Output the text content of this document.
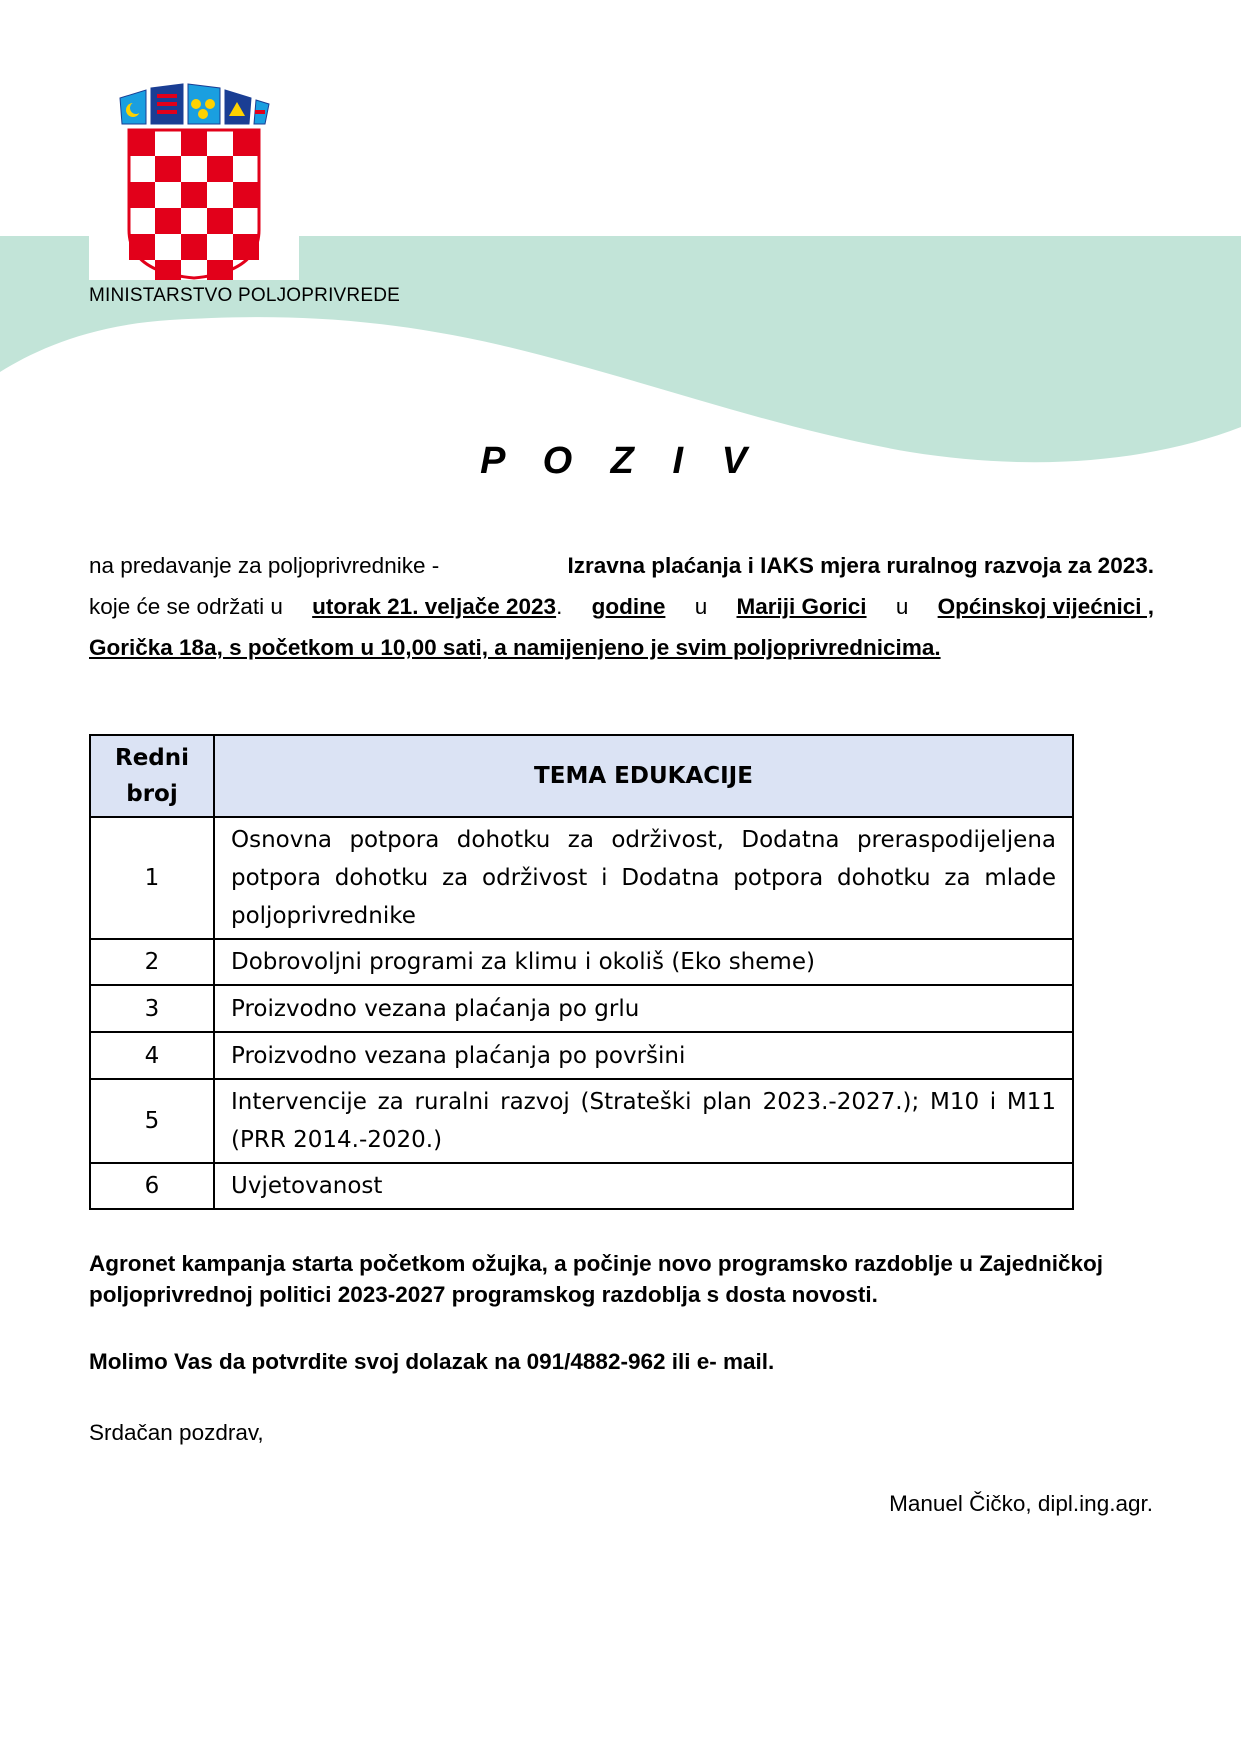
MINISTARSTVO POLJOPRIVREDE
P O Z I V
na predavanje za poljoprivrednike -	Izravna plaćanja i IAKS mjera ruralnog razvoja za 2023.
koje će se održati u utorak 21. veljače 2023. godine u Mariji Gorici u Općinskoj vijećnici ,
Gorička 18a, s početkom u 10,00 sati, a namijenjeno je svim poljoprivrednicima.
Redni broj	TEMA EDUKACIJE
1	Osnovna potpora dohotku za održivost, Dodatna preraspodijeljena potpora dohotku za održivost i Dodatna potpora dohotku za mlade poljoprivrednike
2	Dobrovoljni programi za klimu i okoliš (Eko sheme)
3	Proizvodno vezana plaćanja po grlu
4	Proizvodno vezana plaćanja po površini
5	Intervencije za ruralni razvoj (Strateški plan 2023.-2027.); M10 i M11 (PRR 2014.-2020.)
6	Uvjetovanost
Agronet kampanja starta početkom ožujka, a počinje novo programsko razdoblje u Zajedničkoj poljoprivrednoj politici 2023-2027 programskog razdoblja s dosta novosti.
Molimo Vas da potvrdite svoj dolazak na 091/4882-962 ili e- mail.
Srdačan pozdrav,
Manuel Čičko, dipl.ing.agr.
